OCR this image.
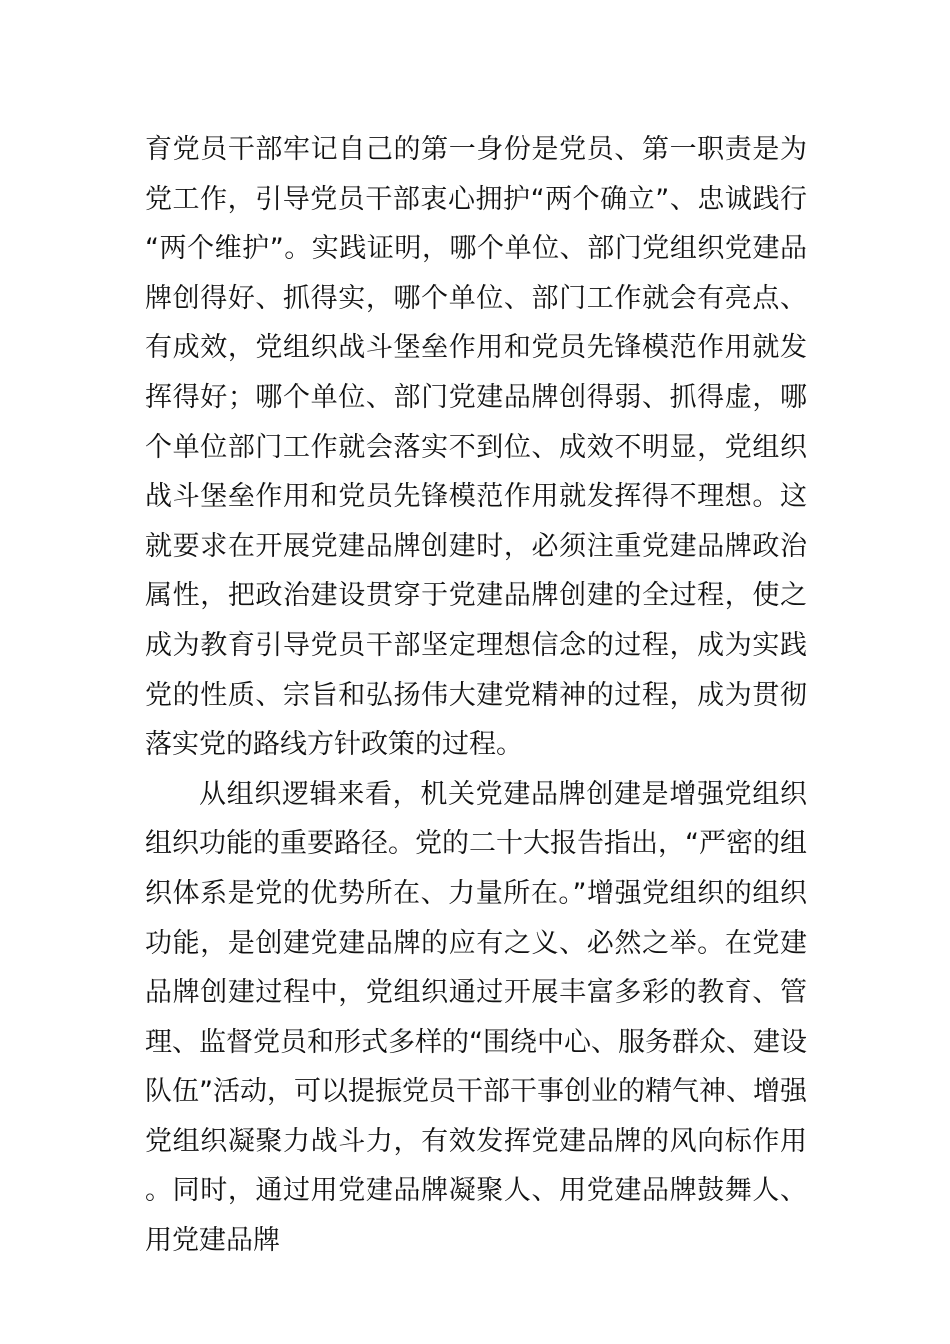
育党员干部牢记自己的第一身份是党员、第一职责是为党工作，引导党员干部衷心拥护“两个确立”、忠诚践行“两个维护”。实践证明，哪个单位、部门党组织党建品牌创得好、抓得实，哪个单位、部门工作就会有亮点、有成效，党组织战斗堡垒作用和党员先锋模范作用就发挥得好；哪个单位、部门党建品牌创得弱、抓得虚，哪个单位部门工作就会落实不到位、成效不明显，党组织战斗堡垒作用和党员先锋模范作用就发挥得不理想。这就要求在开展党建品牌创建时，必须注重党建品牌政治属性，把政治建设贯穿于党建品牌创建的全过程，使之成为教育引导党员干部坚定理想信念的过程，成为实践党的性质、宗旨和弘扬伟大建党精神的过程，成为贯彻落实党的路线方针政策的过程。

从组织逻辑来看，机关党建品牌创建是增强党组织组织功能的重要路径。党的二十大报告指出，“严密的组织体系是党的优势所在、力量所在。”增强党组织的组织功能，是创建党建品牌的应有之义、必然之举。在党建品牌创建过程中，党组织通过开展丰富多彩的教育、管理、监督党员和形式多样的“围绕中心、服务群众、建设队伍”活动，可以提振党员干部干事创业的精气神、增强党组织凝聚力战斗力，有效发挥党建品牌的风向标作用。同时，通过用党建品牌凝聚人、用党建品牌鼓舞人、用党建品牌
